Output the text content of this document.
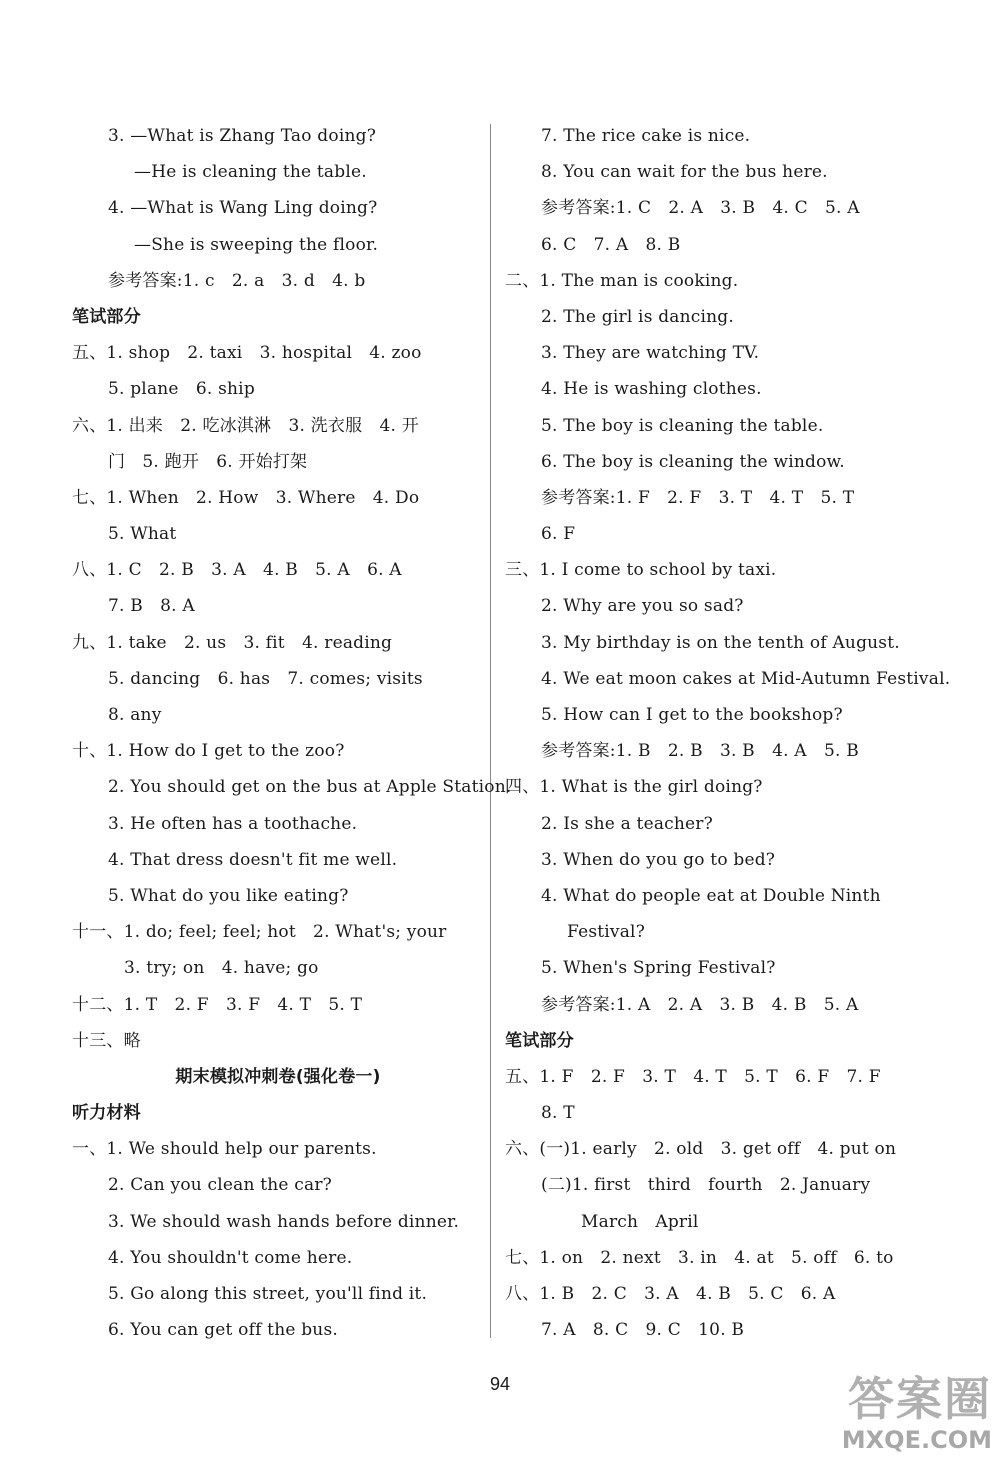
3. —What is Zhang Tao doing?
—He is cleaning the table.
4. —What is Wang Ling doing?
—She is sweeping the floor.
参考答案:1. c　2. a　3. d　4. b
笔试部分
五、1. shop　2. taxi　3. hospital　4. zoo
5. plane　6. ship
六、1. 出来　2. 吃冰淇淋　3. 洗衣服　4. 开
门　5. 跑开　6. 开始打架
七、1. When　2. How　3. Where　4. Do
5. What
八、1. C　2. B　3. A　4. B　5. A　6. A
7. B　8. A
九、1. take　2. us　3. fit　4. reading
5. dancing　6. has　7. comes; visits
8. any
十、1. How do I get to the zoo?
2. You should get on the bus at Apple Station.
3. He often has a toothache.
4. That dress doesn't fit me well.
5. What do you like eating?
十一、1. do; feel; feel; hot　2. What's; your
3. try; on　4. have; go
十二、1. T　2. F　3. F　4. T　5. T
十三、略
期末模拟冲刺卷(强化卷一)
听力材料
一、1. We should help our parents.
2. Can you clean the car?
3. We should wash hands before dinner.
4. You shouldn't come here.
5. Go along this street, you'll find it.
6. You can get off the bus.
7. The rice cake is nice.
8. You can wait for the bus here.
参考答案:1. C　2. A　3. B　4. C　5. A
6. C　7. A　8. B
二、1. The man is cooking.
2. The girl is dancing.
3. They are watching TV.
4. He is washing clothes.
5. The boy is cleaning the table.
6. The boy is cleaning the window.
参考答案:1. F　2. F　3. T　4. T　5. T
6. F
三、1. I come to school by taxi.
2. Why are you so sad?
3. My birthday is on the tenth of August.
4. We eat moon cakes at Mid-Autumn Festival.
5. How can I get to the bookshop?
参考答案:1. B　2. B　3. B　4. A　5. B
四、1. What is the girl doing?
2. Is she a teacher?
3. When do you go to bed?
4. What do people eat at Double Ninth
Festival?
5. When's Spring Festival?
参考答案:1. A　2. A　3. B　4. B　5. A
笔试部分
五、1. F　2. F　3. T　4. T　5. T　6. F　7. F
8. T
六、(一)1. early　2. old　3. get off　4. put on
(二)1. first　third　fourth　2. January
March　April
七、1. on　2. next　3. in　4. at　5. off　6. to
八、1. B　2. C　3. A　4. B　5. C　6. A
7. A　8. C　9. C　10. B
94	答案圈
MXQE.COM
